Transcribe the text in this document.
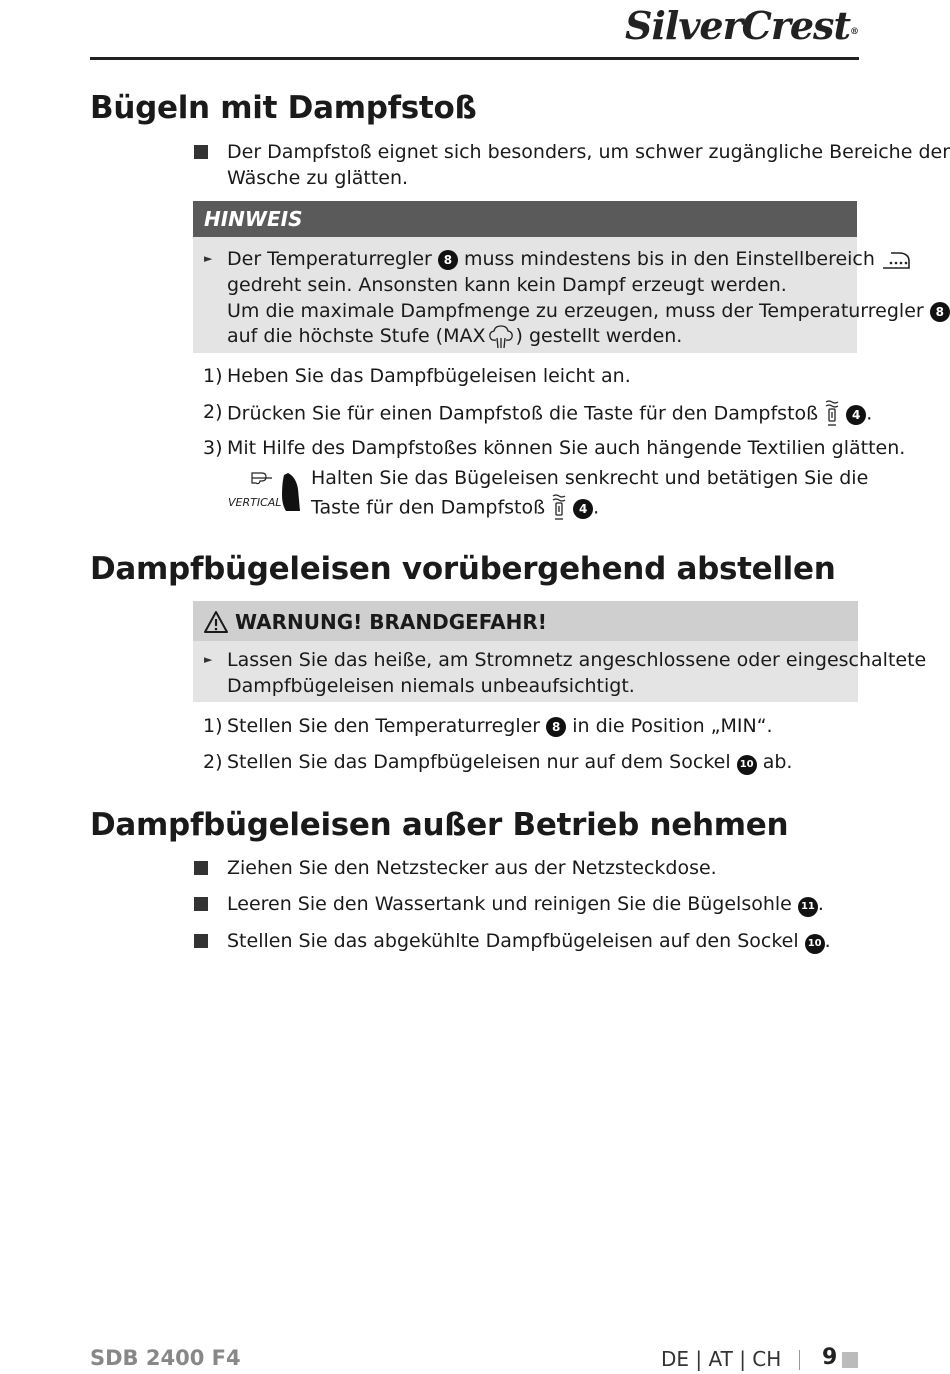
SilverCrest®
Bügeln mit Dampfstoß
Der Dampfstoß eignet sich besonders, um schwer zugängliche Bereiche der
Wäsche zu glätten.
HINWEIS
► Der Temperaturregler 8 muss mindestens bis in den Einstellbereich
gedreht sein. Ansonsten kann kein Dampf erzeugt werden.
Um die maximale Dampfmenge zu erzeugen, muss der Temperaturregler 8
auf die höchste Stufe (MAX ) gestellt werden.
1) Heben Sie das Dampfbügeleisen leicht an.
2) Drücken Sie für einen Dampfstoß die Taste für den Dampfstoß	4 .
3) Mit Hilfe des Dampfstoßes können Sie auch hängende Textilien glätten.
VERTICAL
Halten Sie das Bügeleisen senkrecht und betätigen Sie die
Taste für den Dampfstoß	4 .
Dampfbügeleisen vorübergehend abstellen
WARNUNG! BRANDGEFAHR!
► Lassen Sie das heiße, am Stromnetz angeschlossene oder eingeschaltete
Dampfbügeleisen niemals unbeaufsichtigt.
1) Stellen Sie den Temperaturregler 8 in die Position „MIN“.
2) Stellen Sie das Dampfbügeleisen nur auf dem Sockel 10 ab.
Dampfbügeleisen außer Betrieb nehmen
Ziehen Sie den Netzstecker aus der Netzsteckdose.
Leeren Sie den Wassertank und reinigen Sie die Bügelsohle 11 .
Stellen Sie das abgekühlte Dampfbügeleisen auf den Sockel 10 .
SDB 2400 F4	DE | AT | CH 9
